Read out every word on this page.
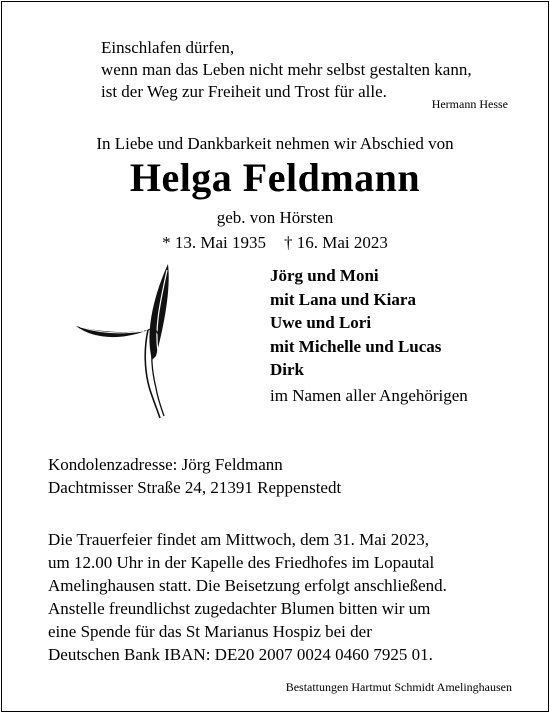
Einschlafen dürfen,
wenn man das Leben nicht mehr selbst gestalten kann,
ist der Weg zur Freiheit und Trost für alle.
Hermann Hesse
In Liebe und Dankbarkeit nehmen wir Abschied von
Helga Feldmann
geb. von Hörsten
* 13. Mai 1935 † 16. Mai 2023
Jörg und Moni
mit Lana und Kiara
Uwe und Lori
mit Michelle und Lucas
Dirk
im Namen aller Angehörigen
Kondolenzadresse: Jörg Feldmann
Dachtmisser Straße 24, 21391 Reppenstedt
Die Trauerfeier findet am Mittwoch, dem 31. Mai 2023,
um 12.00 Uhr in der Kapelle des Friedhofes im Lopautal
Amelinghausen statt. Die Beisetzung erfolgt anschließend.
Anstelle freundlichst zugedachter Blumen bitten wir um
eine Spende für das St Marianus Hospiz bei der
Deutschen Bank IBAN: DE20 2007 0024 0460 7925 01.
Bestattungen Hartmut Schmidt Amelinghausen
